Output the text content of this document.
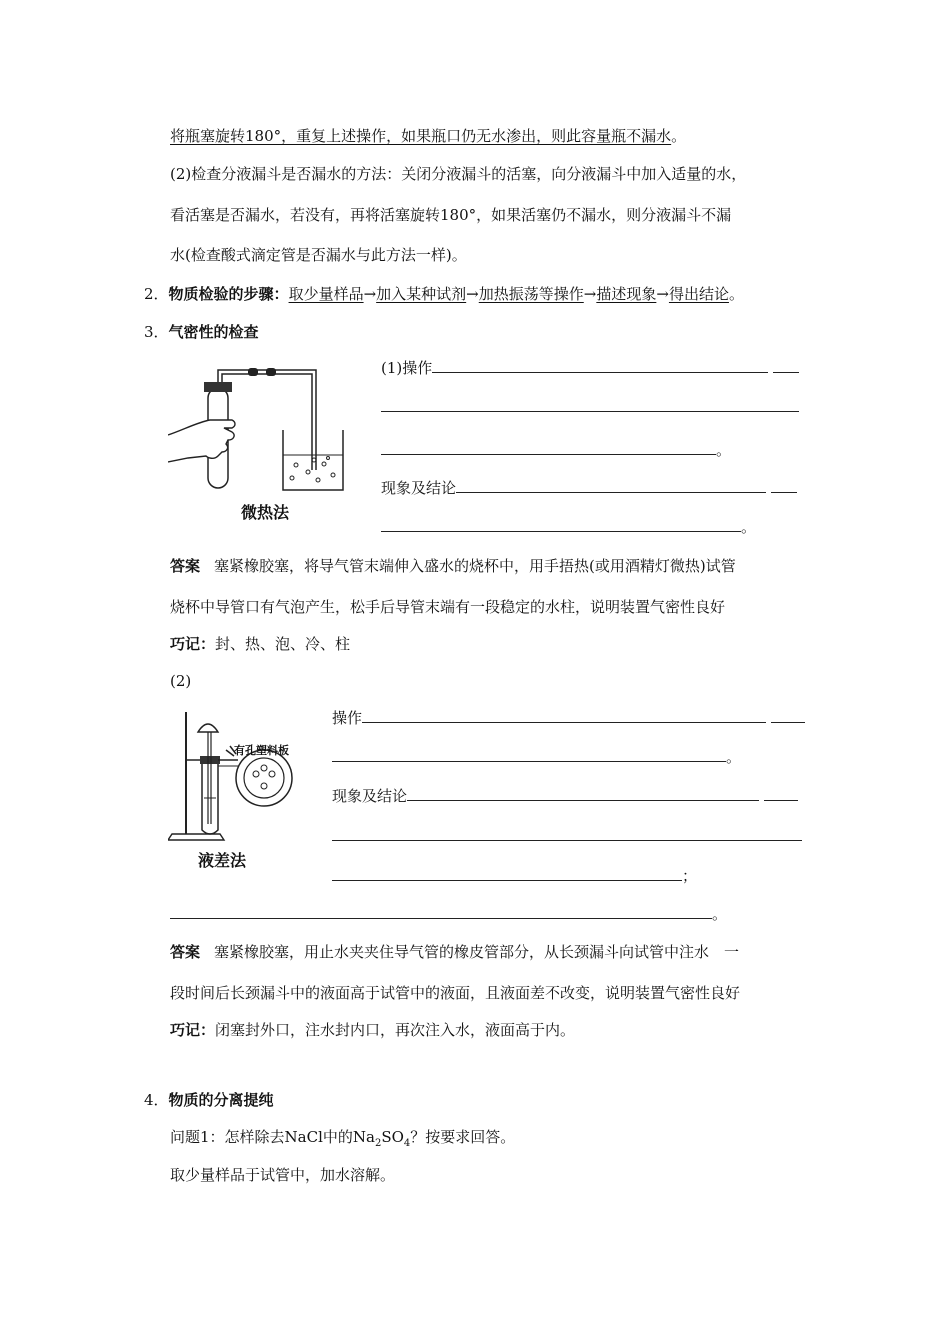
将瓶塞旋转180°，重复上述操作，如果瓶口仍无水渗出，则此容量瓶不漏水。
(2)检查分液漏斗是否漏水的方法：关闭分液漏斗的活塞，向分液漏斗中加入适量的水，
看活塞是否漏水，若没有，再将活塞旋转180°，如果活塞仍不漏水，则分液漏斗不漏
水(检查酸式滴定管是否漏水与此方法一样)。
2．物质检验的步骤：取少量样品→加入某种试剂→加热振荡等操作→描述现象→得出结论。
3．气密性的检查
微热法
(1)操作
。
现象及结论
。
答案 塞紧橡胶塞，将导气管末端伸入盛水的烧杯中，用手捂热(或用酒精灯微热)试管
烧杯中导管口有气泡产生，松手后导管末端有一段稳定的水柱，说明装置气密性良好
巧记：封、热、泡、冷、柱
(2)
有孔塑料板
液差法
操作
。
现象及结论
；
。
答案 塞紧橡胶塞，用止水夹夹住导气管的橡皮管部分，从长颈漏斗向试管中注水　一
段时间后长颈漏斗中的液面高于试管中的液面，且液面差不改变，说明装置气密性良好
巧记：闭塞封外口，注水封内口，再次注入水，液面高于内。
4．物质的分离提纯
问题1：怎样除去NaCl中的$Na_2SO_4$？按要求回答。
取少量样品于试管中，加水溶解。
